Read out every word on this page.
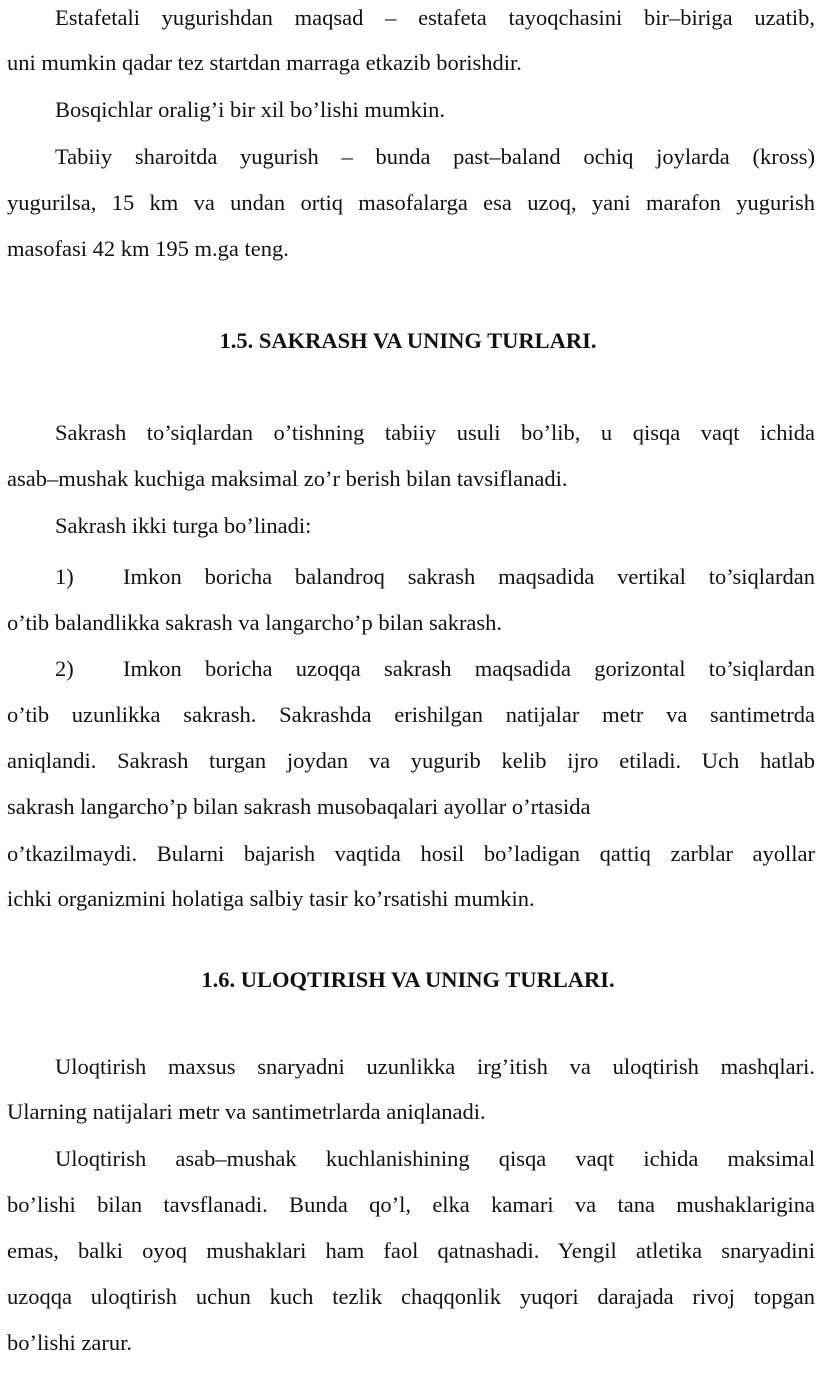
Estafetali yugurishdan maqsad – estafeta tayoqchasini bir–biriga uzatib,
uni mumkin qadar tez startdan marraga etkazib borishdir.
Bosqichlar oralig’i bir xil bo’lishi mumkin.
Tabiiy sharoitda yugurish – bunda past–baland ochiq joylarda (kross)
yugurilsa, 15 km va undan ortiq masofalarga esa uzoq, yani marafon yugurish
masofasi 42 km 195 m.ga teng.
1.5. SAKRASH VA UNING TURLARI.
Sakrash to’siqlardan o’tishning tabiiy usuli bo’lib, u qisqa vaqt ichida
asab–mushak kuchiga maksimal zo’r berish bilan tavsiflanadi.
Sakrash ikki turga bo’linadi:
1) Imkon boricha balandroq sakrash maqsadida vertikal to’siqlardan
o’tib balandlikka sakrash va langarcho’p bilan sakrash.
2) Imkon boricha uzoqqa sakrash maqsadida gorizontal to’siqlardan
o’tib uzunlikka sakrash. Sakrashda erishilgan natijalar metr va santimetrda
aniqlandi. Sakrash turgan joydan va yugurib kelib ijro etiladi. Uch hatlab
sakrash langarcho’p bilan sakrash musobaqalari ayollar o’rtasida
o’tkazilmaydi. Bularni bajarish vaqtida hosil bo’ladigan qattiq zarblar ayollar
ichki organizmini holatiga salbiy tasir ko’rsatishi mumkin.
1.6. ULOQTIRISH VA UNING TURLARI.
Uloqtirish maxsus snaryadni uzunlikka irg’itish va uloqtirish mashqlari.
Ularning natijalari metr va santimetrlarda aniqlanadi.
Uloqtirish asab–mushak kuchlanishining qisqa vaqt ichida maksimal
bo’lishi bilan tavsflanadi. Bunda qo’l, elka kamari va tana mushaklarigina
emas, balki oyoq mushaklari ham faol qatnashadi. Yengil atletika snaryadini
uzoqqa uloqtirish uchun kuch tezlik chaqqonlik yuqori darajada rivoj topgan
bo’lishi zarur.
